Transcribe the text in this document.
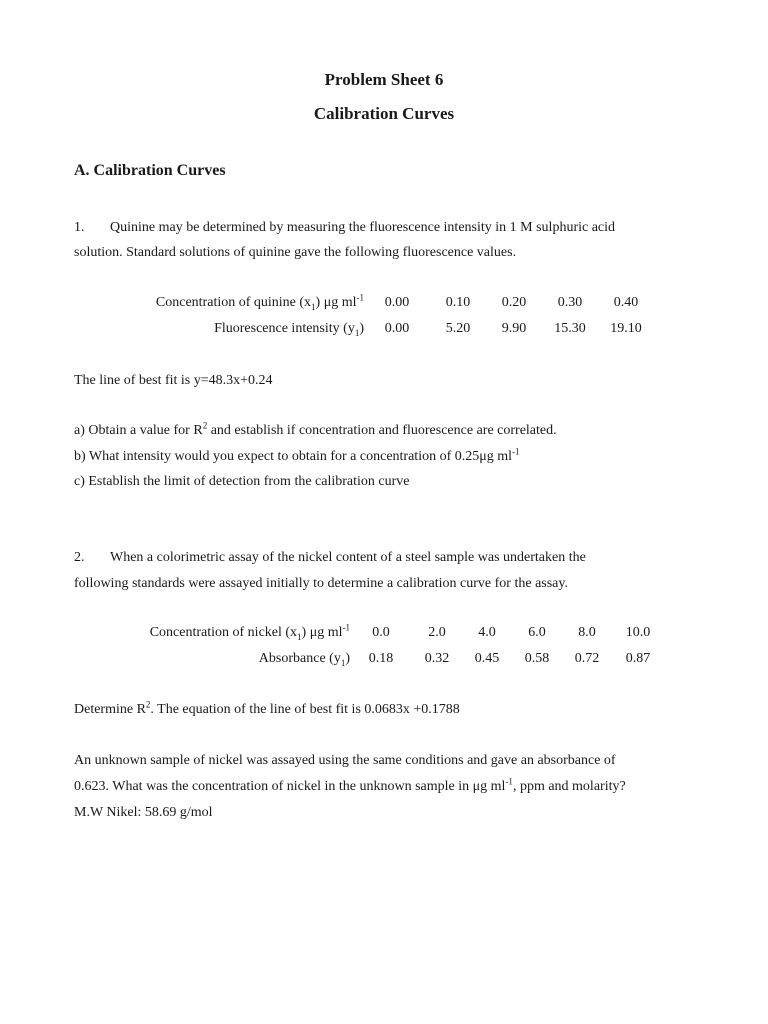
Problem Sheet 6
Calibration Curves
A. Calibration Curves
1. Quinine may be determined by measuring the fluorescence intensity in 1 M sulphuric acid
solution. Standard solutions of quinine gave the following fluorescence values.
Concentration of quinine $(x_1)$ μg $ml^{-1}$	0.00	0.10	0.20	0.30	0.40
Fluorescence intensity $(y_1)$	0.00	5.20	9.90	15.30	19.10
The line of best fit is y=48.3x+0.24
a) Obtain a value for $R^2$ and establish if concentration and fluorescence are correlated.
b) What intensity would you expect to obtain for a concentration of 0.25μg $ml^{-1}$
c) Establish the limit of detection from the calibration curve
2. When a colorimetric assay of the nickel content of a steel sample was undertaken the
following standards were assayed initially to determine a calibration curve for the assay.
Concentration of nickel $(x_1)$ μg $ml^{-1}$	0.0	2.0	4.0	6.0	8.0	10.0
Absorbance $(y_1)$	0.18	0.32	0.45	0.58	0.72	0.87
Determine $R^2$. The equation of the line of best fit is 0.0683x +0.1788
An unknown sample of nickel was assayed using the same conditions and gave an absorbance of
0.623. What was the concentration of nickel in the unknown sample in μg $ml^{-1}$, ppm and molarity?
M.W Nikel: 58.69 g/mol
